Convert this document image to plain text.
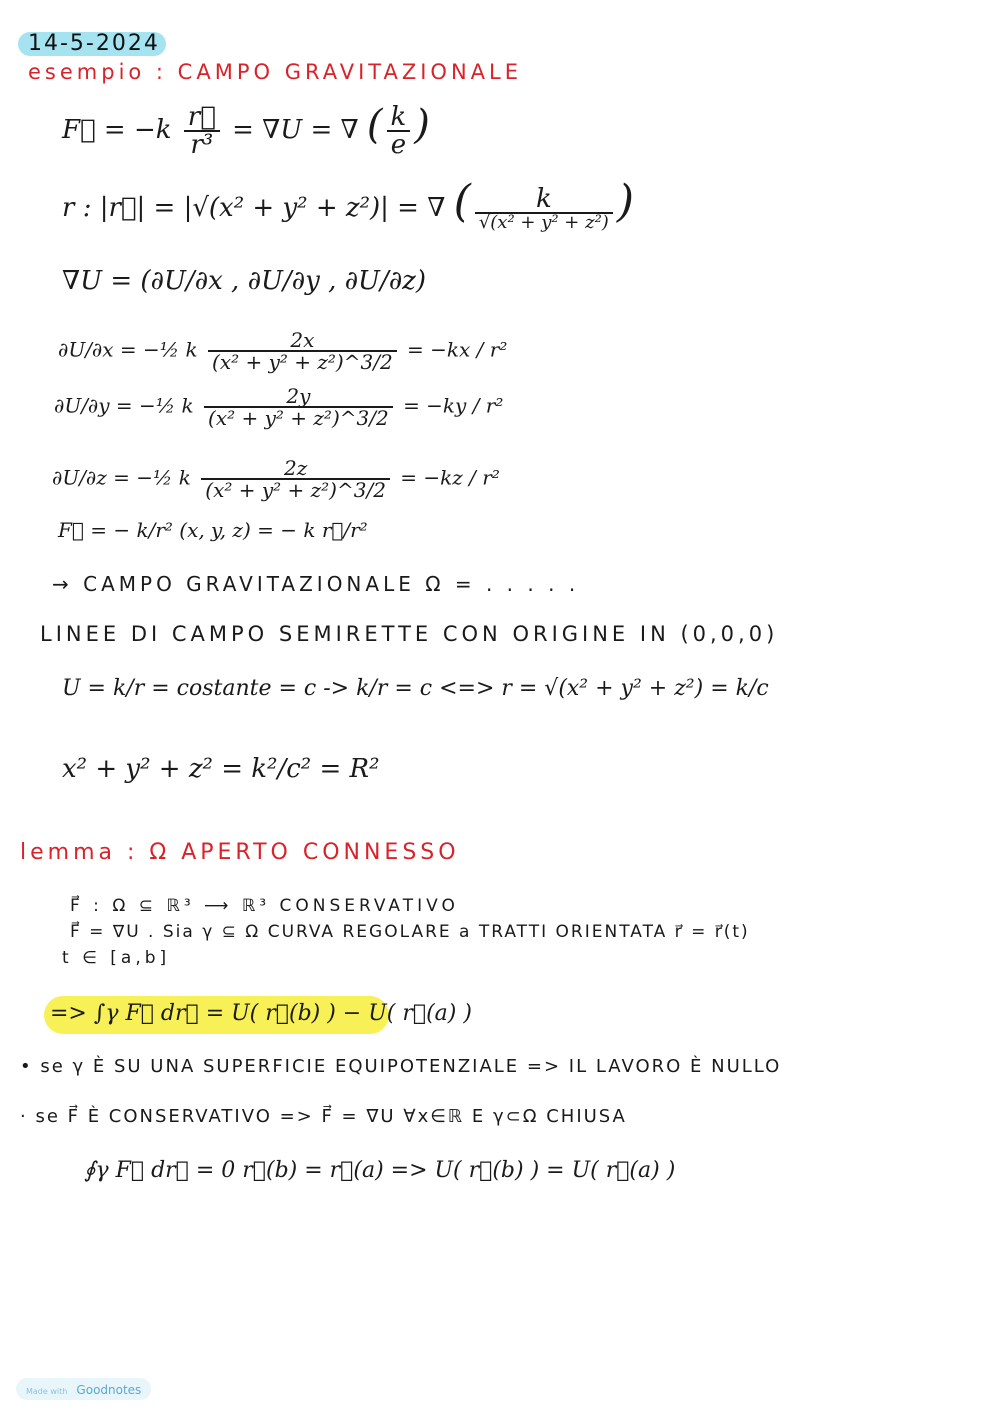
14-5-2024
esempio : CAMPO GRAVITAZIONALE
F⃗ = $-k \frac{r⃗}{\text{r³}} = \nabla U$ = ∇ ( $\frac{k}{e}$ )
r : |r⃗| = |√(x² + y² + z²)| = ∇ ( $\frac{k}{\text{√(x² + y² + z²)}}$ )
∇U = (∂U/∂x , ∂U/∂y , ∂U/∂z)
∂U/∂x = −½ k $\frac{2x}{\text{(x² + y² + z²)\textasciicircum{}3/2}} = -kx / r^2$
∂U/∂y = −½ k $\frac{2y}{\text{(x² + y² + z²)\textasciicircum{}3/2}} = -ky / r^2$
∂U/∂z = −½ k $\frac{2z}{\text{(x² + y² + z²)\textasciicircum{}3/2}} = -kz / r^2$
F⃗ = − k/r² (x, y, z) = − k r⃗/r²
→ CAMPO GRAVITAZIONALE Ω = . . . . .
LINEE DI CAMPO SEMIRETTE CON ORIGINE IN (0,0,0)
U = k/r = costante = c -> k/r = c <=> r = √(x² + y² + z²) = k/c
x² + y² + z² = k²/c² = R²
lemma : Ω APERTO CONNESSO
F⃗ : Ω ⊆ ℝ³ ⟶ ℝ³ CONSERVATIVO
F⃗ = ∇U . Sia γ ⊆ Ω CURVA REGOLARE a TRATTI ORIENTATA r⃗ = r⃗(t)
t ∈ [a,b]
=> ∫γ F⃗ dr⃗ = U( r⃗(b) ) − U( r⃗(a) )
• se γ È SU UNA SUPERFICIE EQUIPOTENZIALE => IL LAVORO È NULLO
· se F⃗ È CONSERVATIVO => F⃗ = ∇U ∀x∈ℝ E γ⊂Ω CHIUSA
∮γ F⃗ dr⃗ = 0 r⃗(b) = r⃗(a) => U( r⃗(b) ) = U( r⃗(a) )
Made with Goodnotes
